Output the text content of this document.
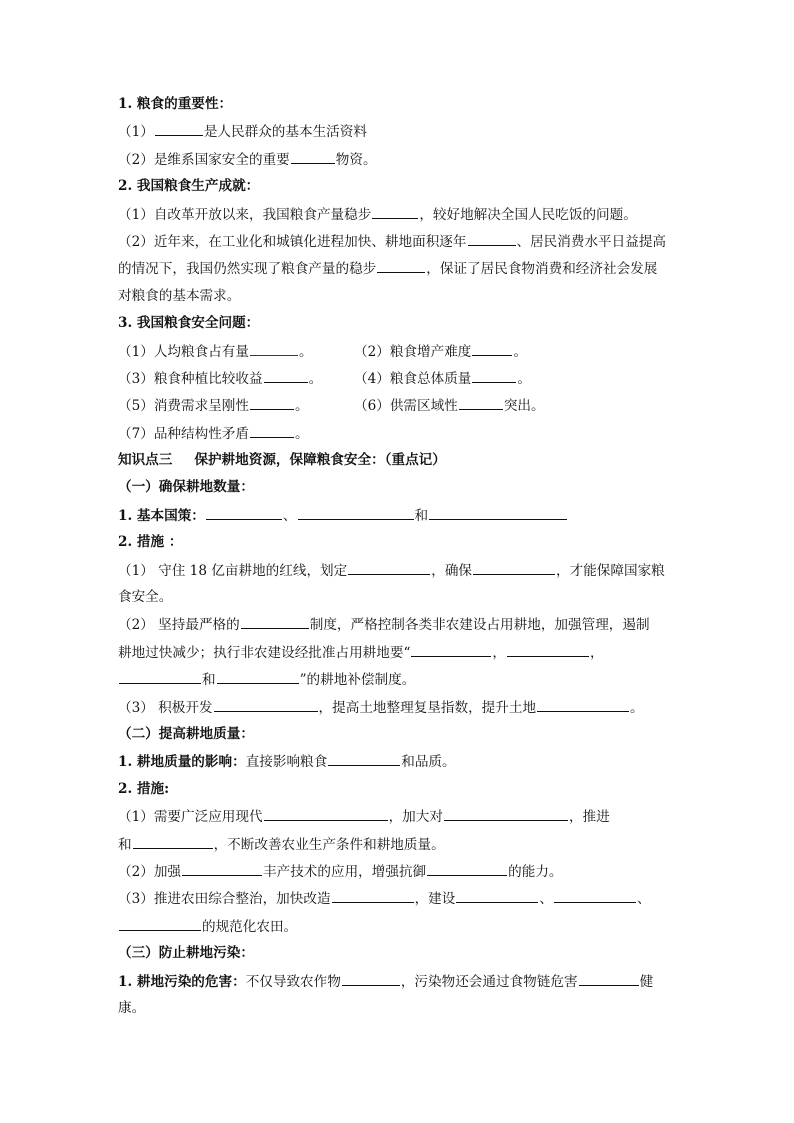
1. 粮食的重要性：
（1）	是人民群众的基本生活资料
（2）是维系国家安全的重要	物资。
2. 我国粮食生产成就：
（1）自改革开放以来，我国粮食产量稳步	，较好地解决全国人民吃饭的问题。
（2）近年来，在工业化和城镇化进程加快、耕地面积逐年	、居民消费水平日益提高
的情况下，我国仍然实现了粮食产量的稳步	，保证了居民食物消费和经济社会发展
对粮食的基本需求。
3. 我国粮食安全问题：
（1）人均粮食占有量	。	（2）粮食增产难度	。
（3）粮食种植比较收益	。 （4）粮食总体质量	。
（5）消费需求呈刚性	。	（6）供需区域性	突出。
（7）品种结构性矛盾	。
知识点三 保护耕地资源，保障粮食安全：（重点记）
（一）确保耕地数量：
1. 基本国策：	、	和
2. 措施 ：
（1） 守住 18 亿亩耕地的红线，划定	，确保	，才能保障国家粮
食安全。
（2） 坚持最严格的	制度，严格控制各类非农建设占用耕地，加强管理，遏制
耕地过快减少；执行非农建设经批准占用耕地要“	，	，
和	”的耕地补偿制度。
（3） 积极开发	，提高土地整理复垦指数，提升土地	。
（二）提高耕地质量：
1. 耕地质量的影响：直接影响粮食	和品质。
2. 措施:
（1）需要广泛应用现代	，加大对	，推进
和	，不断改善农业生产条件和耕地质量。
（2）加强	丰产技术的应用，增强抗御	的能力。
（3）推进农田综合整治，加快改造	，建设	、	、
的规范化农田。
（三）防止耕地污染：
1. 耕地污染的危害：不仅导致农作物	，污染物还会通过食物链危害	健
康。
